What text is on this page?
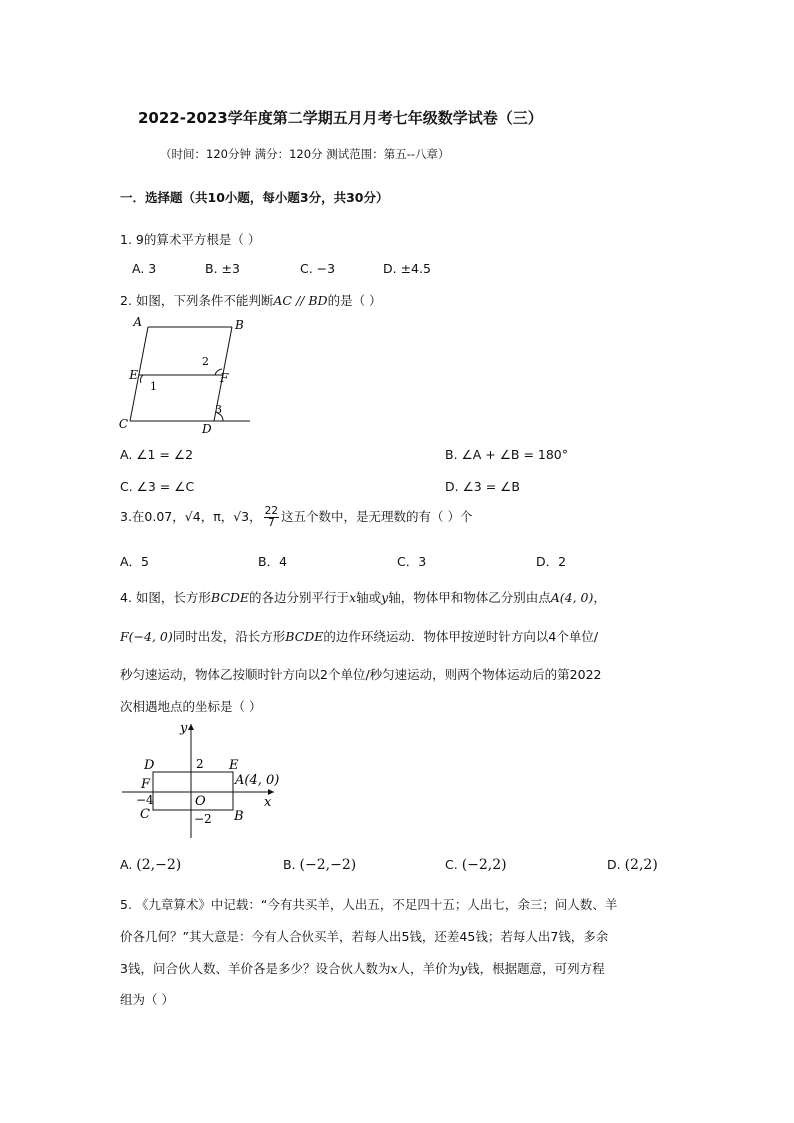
2022-2023学年度第二学期五月月考七年级数学试卷（三）
（时间：120分钟 满分：120分 测试范围：第五--八章）
一．选择题（共10小题，每小题3分，共30分）
1. 9的算术平方根是（ ）
A. 3	B. ±3	C. −3	D. ±4.5
2. 如图，下列条件不能判断AC // BD的是（ ）
A	B
E	F
C	D
1
2
3
A. ∠1 = ∠2	B. ∠A + ∠B = 180°
C. ∠3 = ∠C	D. ∠3 = ∠B
3.在0.07，√4，π，√3， $\frac{22}{7}$ 这五个数中，是无理数的有（ ）个
A．5	B．4	C．3	D．2
4. 如图，长方形BCDE的各边分别平行于x轴或y轴，物体甲和物体乙分别由点A(4, 0)，
F(−4, 0)同时出发，沿长方形BCDE的边作环绕运动．物体甲按逆时针方向以4个单位/
秒匀速运动，物体乙按顺时针方向以2个单位/秒匀速运动，则两个物体运动后的第2022
次相遇地点的坐标是（ ）
y
D	2 E
F	A(4, 0)
−4	O	x
C	−2 B
A. (2,−2)	B. (−2,−2)	C. (−2,2)	D. (2,2)
5. 《九章算术》中记载：“今有共买羊，人出五，不足四十五；人出七，余三；问人数、羊
价各几何？”其大意是：今有人合伙买羊，若每人出5钱，还差45钱；若每人出7钱，多余
3钱，问合伙人数、羊价各是多少？设合伙人数为x人，羊价为y钱，根据题意，可列方程
组为（ ）
